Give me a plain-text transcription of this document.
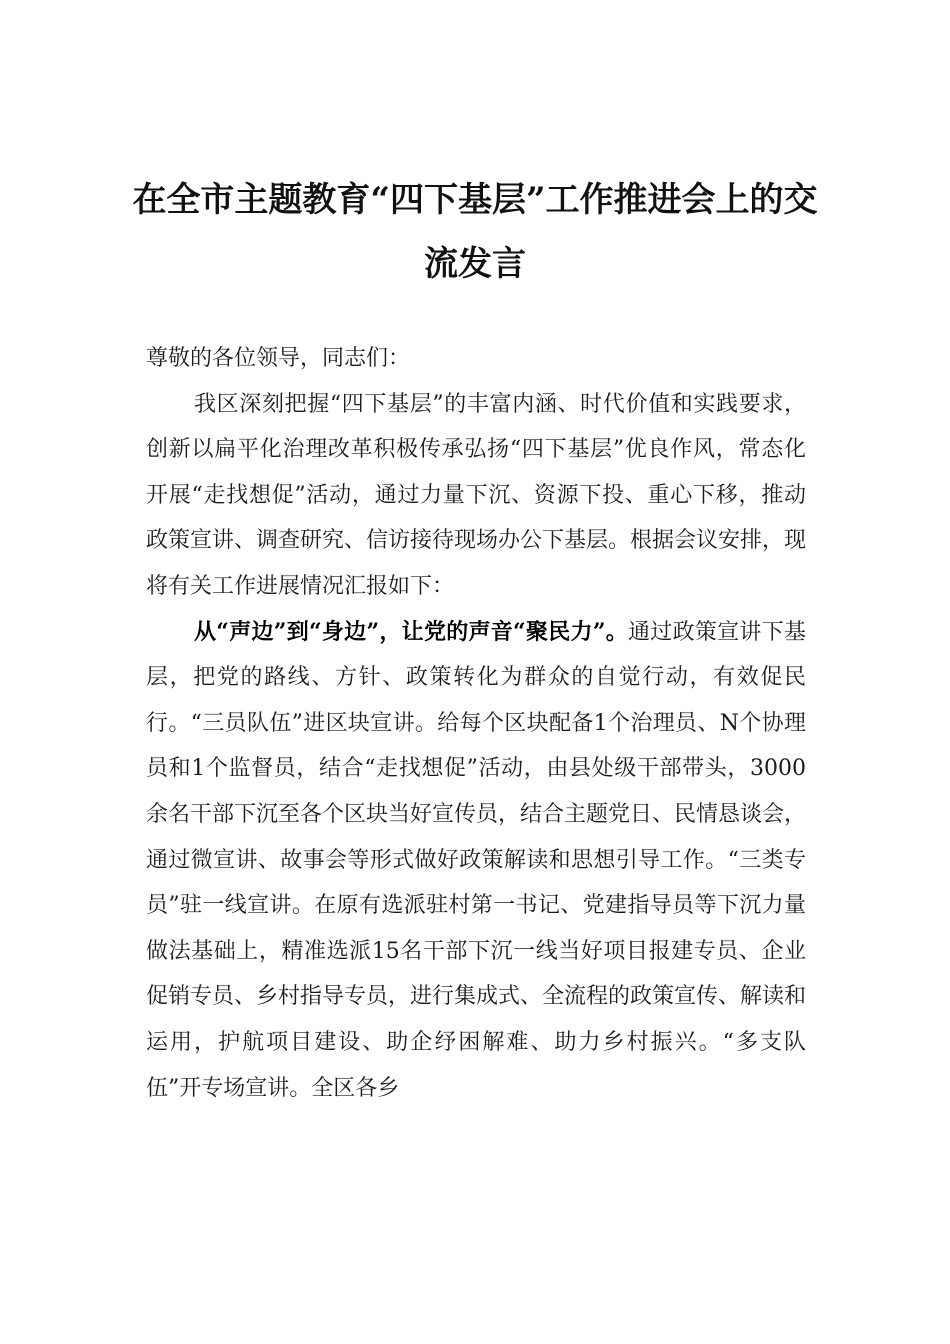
在全市主题教育“四下基层”工作推进会上的交流发言

尊敬的各位领导，同志们：

我区深刻把握“四下基层”的丰富内涵、时代价值和实践要求，创新以扁平化治理改革积极传承弘扬“四下基层”优良作风，常态化开展“走找想促”活动，通过力量下沉、资源下投、重心下移，推动政策宣讲、调查研究、信访接待现场办公下基层。根据会议安排，现将有关工作进展情况汇报如下：

从“声边”到“身边”，让党的声音“聚民力”。通过政策宣讲下基层，把党的路线、方针、政策转化为群众的自觉行动，有效促民行。“三员队伍”进区块宣讲。给每个区块配备1个治理员、N个协理员和1个监督员，结合“走找想促”活动，由县处级干部带头，3000余名干部下沉至各个区块当好宣传员，结合主题党日、民情恳谈会，通过微宣讲、故事会等形式做好政策解读和思想引导工作。“三类专员”驻一线宣讲。在原有选派驻村第一书记、党建指导员等下沉力量做法基础上，精准选派15名干部下沉一线当好项目报建专员、企业促销专员、乡村指导专员，进行集成式、全流程的政策宣传、解读和运用，护航项目建设、助企纾困解难、助力乡村振兴。“多支队伍”开专场宣讲。全区各乡
